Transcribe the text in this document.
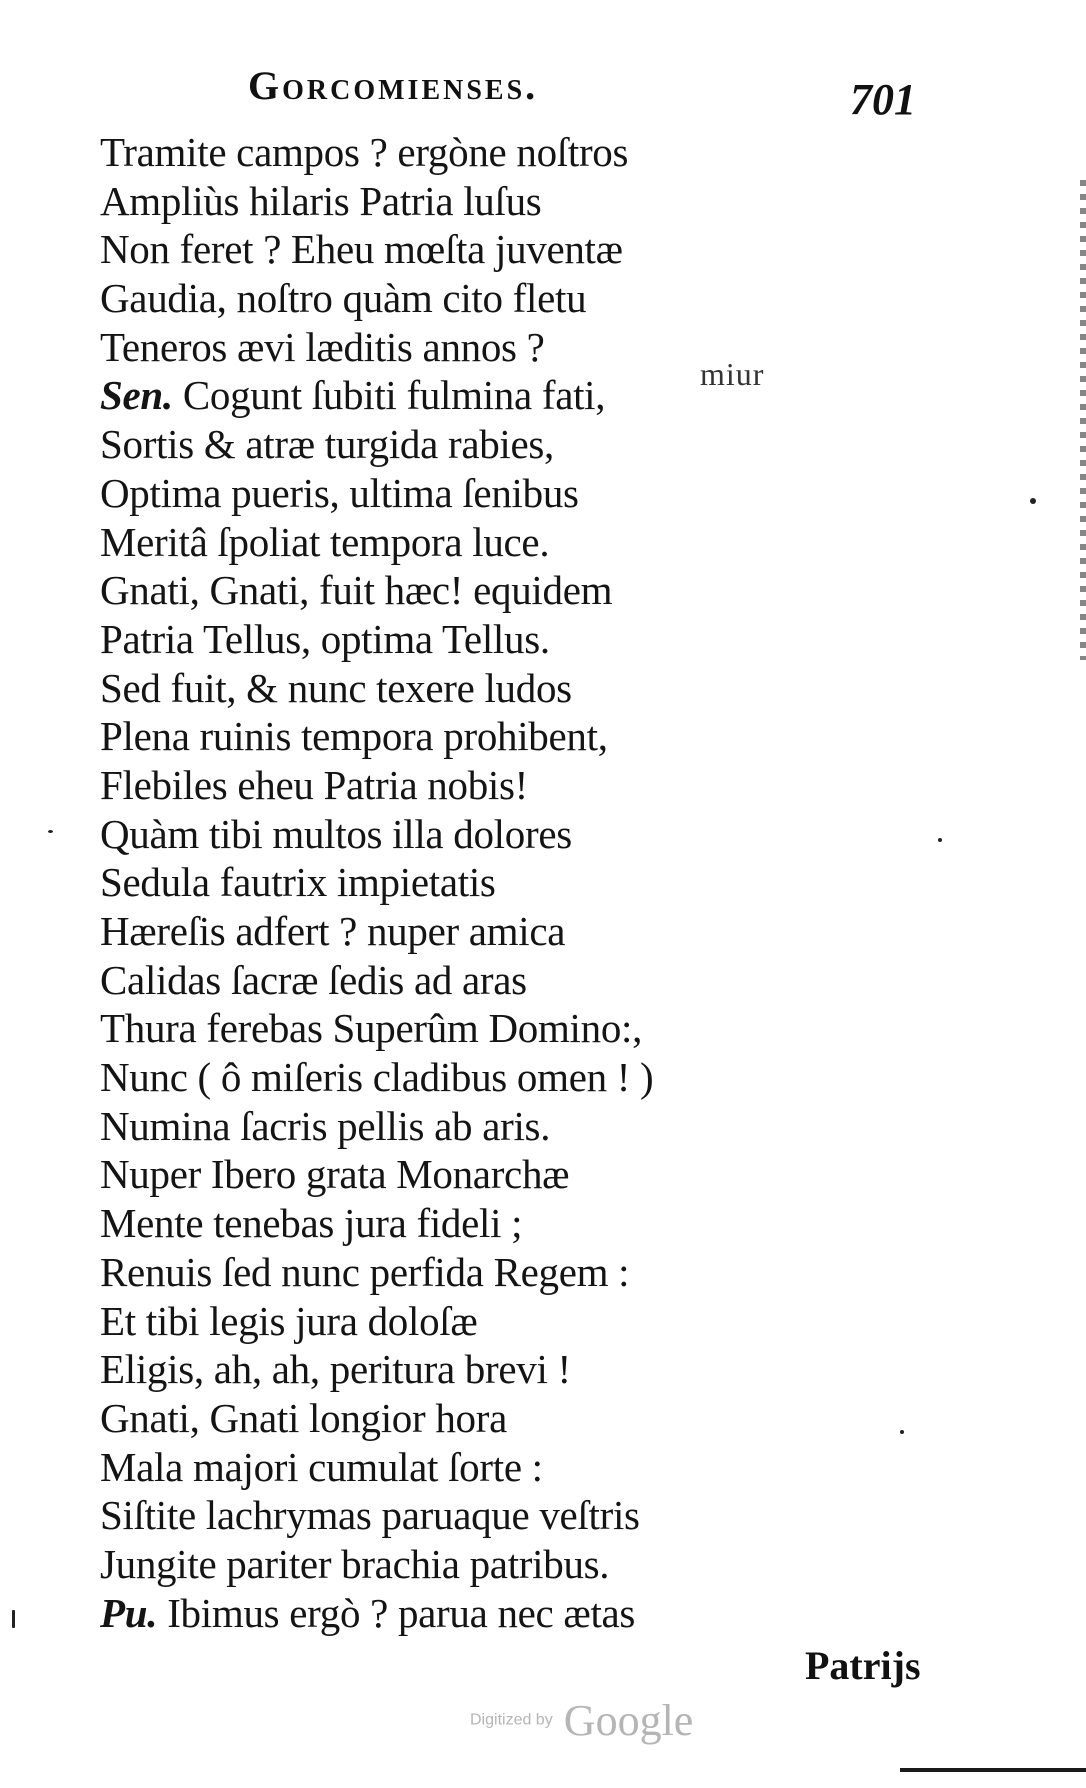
Gorcomienses.	701
Tramite campos ? ergòne noſtros
Ampliùs hilaris Patria luſus
Non feret ? Eheu mœſta juventæ
Gaudia, noſtro quàm cito fletu
Teneros ævi læditis annos ?
Sen. Cogunt ſubiti fulmina fati,
Sortis & atræ turgida rabies,
Optima pueris, ultima ſenibus
Meritâ ſpoliat tempora luce.
Gnati, Gnati, fuit hæc! equidem
Patria Tellus, optima Tellus.
Sed fuit, & nunc texere ludos
Plena ruinis tempora prohibent,
Flebiles eheu Patria nobis!
Quàm tibi multos illa dolores
Sedula fautrix impietatis
Hæreſis adfert ? nuper amica
Calidas ſacræ ſedis ad aras
Thura ferebas Superûm Domino:,
Nunc ( ô miſeris cladibus omen ! )
Numina ſacris pellis ab aris.
Nuper Ibero grata Monarchæ
Mente tenebas jura fideli ;
Renuis ſed nunc perfida Regem :
Et tibi legis jura doloſæ
Eligis, ah, ah, peritura brevi !
Gnati, Gnati longior hora
Mala majori cumulat ſorte :
Siſtite lachrymas paruaque veſtris
Jungite pariter brachia patribus.
Pu. Ibimus ergò ? parua nec ætas
miur
Patrijs
Digitized by Google
